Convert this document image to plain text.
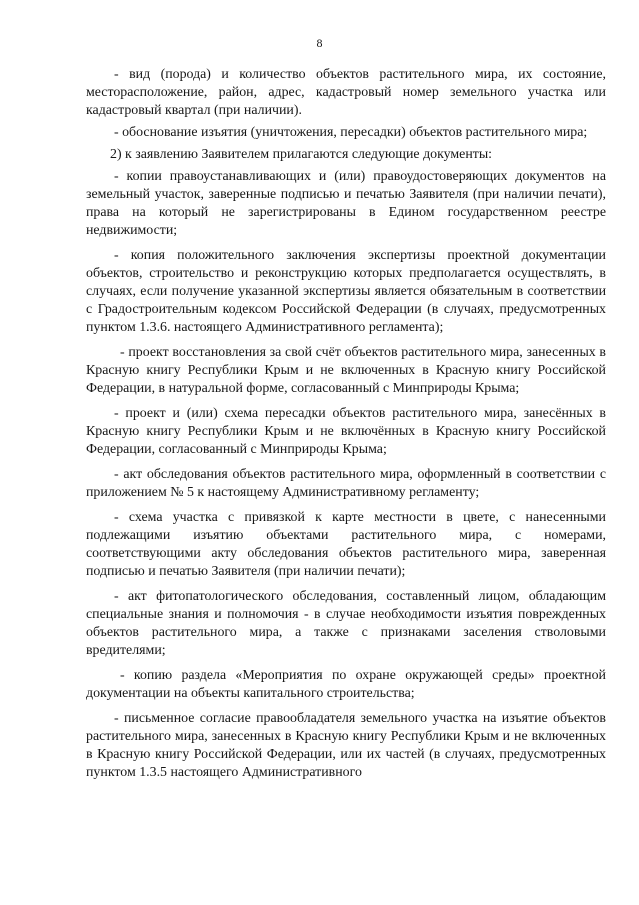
8

- вид (порода) и количество объектов растительного мира, их состояние, месторасположение, район, адрес, кадастровый номер земельного участка или кадастровый квартал (при наличии).

- обоснование изъятия (уничтожения, пересадки) объектов растительного мира;

2) к заявлению Заявителем прилагаются следующие документы:

- копии правоустанавливающих и (или) правоудостоверяющих документов на земельный участок, заверенные подписью и печатью Заявителя (при наличии печати), права на который не зарегистрированы в Едином государственном реестре недвижимости;

- копия положительного заключения экспертизы проектной документации объектов, строительство и реконструкцию которых предполагается осуществлять, в случаях, если получение указанной экспертизы является обязательным в соответствии с Градостроительным кодексом Российской Федерации (в случаях, предусмотренных пунктом 1.3.6. настоящего Административного регламента);

- проект восстановления за свой счёт объектов растительного мира, занесенных в Красную книгу Республики Крым и не включенных в Красную книгу Российской Федерации, в натуральной форме, согласованный с Минприроды Крыма;

- проект и (или) схема пересадки объектов растительного мира, занесённых в Красную книгу Республики Крым и не включённых в Красную книгу Российской Федерации, согласованный с Минприроды Крыма;

- акт обследования объектов растительного мира, оформленный в соответствии с приложением № 5 к настоящему Административному регламенту;

- схема участка с привязкой к карте местности в цвете, с нанесенными подлежащими изъятию объектами растительного мира, с номерами, соответствующими акту обследования объектов растительного мира, заверенная подписью и печатью Заявителя (при наличии печати);

- акт фитопатологического обследования, составленный лицом, обладающим специальные знания и полномочия - в случае необходимости изъятия поврежденных объектов растительного мира, а также с признаками заселения стволовыми вредителями;

- копию раздела «Мероприятия по охране окружающей среды» проектной документации на объекты капитального строительства;

- письменное согласие правообладателя земельного участка на изъятие объектов растительного мира, занесенных в Красную книгу Республики Крым и не включенных в Красную книгу Российской Федерации, или их частей (в случаях, предусмотренных пунктом 1.3.5 настоящего Административного
